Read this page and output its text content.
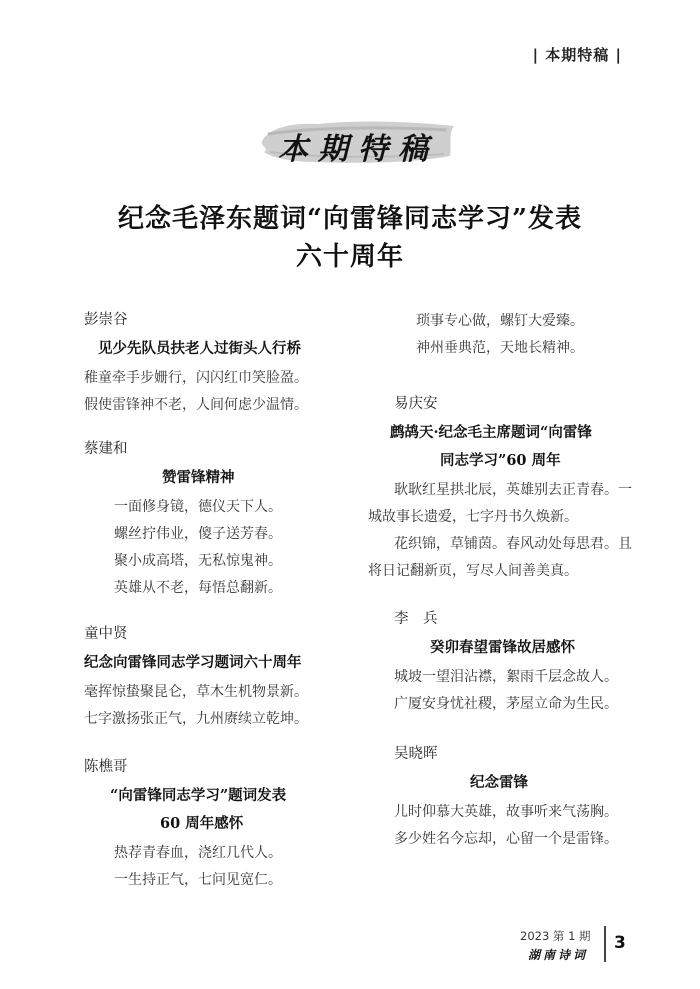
| 本期特稿 |
本期特稿
纪念毛泽东题词“向雷锋同志学习”发表
六十周年
彭崇谷
见少先队员扶老人过街头人行桥
稚童牵手步姗行，闪闪红巾笑脸盈。
假使雷锋神不老，人间何虑少温情。
蔡建和
赞雷锋精神
一面修身镜，德仪天下人。
螺丝拧伟业，傻子送芳春。
聚小成高塔，无私惊鬼神。
英雄从不老，每悟总翻新。
童中贤
纪念向雷锋同志学习题词六十周年
毫挥惊蛰聚昆仑，草木生机物景新。
七字激扬张正气，九州赓续立乾坤。
陈樵哥
“向雷锋同志学习”题词发表
60 周年感怀
热荐青春血，浇红几代人。
一生持正气，七问见宽仁。
琐事专心做，螺钉大爱臻。
神州垂典范，天地长精神。
易庆安
鹧鸪天·纪念毛主席题词“向雷锋
同志学习”60 周年
耿耿红星拱北辰，英雄别去正青春。一
城故事长遗爱，七字丹书久焕新。
花织锦，草铺茵。春风动处每思君。且
将日记翻新页，写尽人间善美真。
李　兵
癸卯春望雷锋故居感怀
城坡一望泪沾襟，絮雨千层念故人。
广厦安身忧社稷，茅屋立命为生民。
吴晓晖
纪念雷锋
儿时仰慕大英雄，故事听来气荡胸。
多少姓名今忘却，心留一个是雷锋。
2023 第 1 期
湖南诗词
3
